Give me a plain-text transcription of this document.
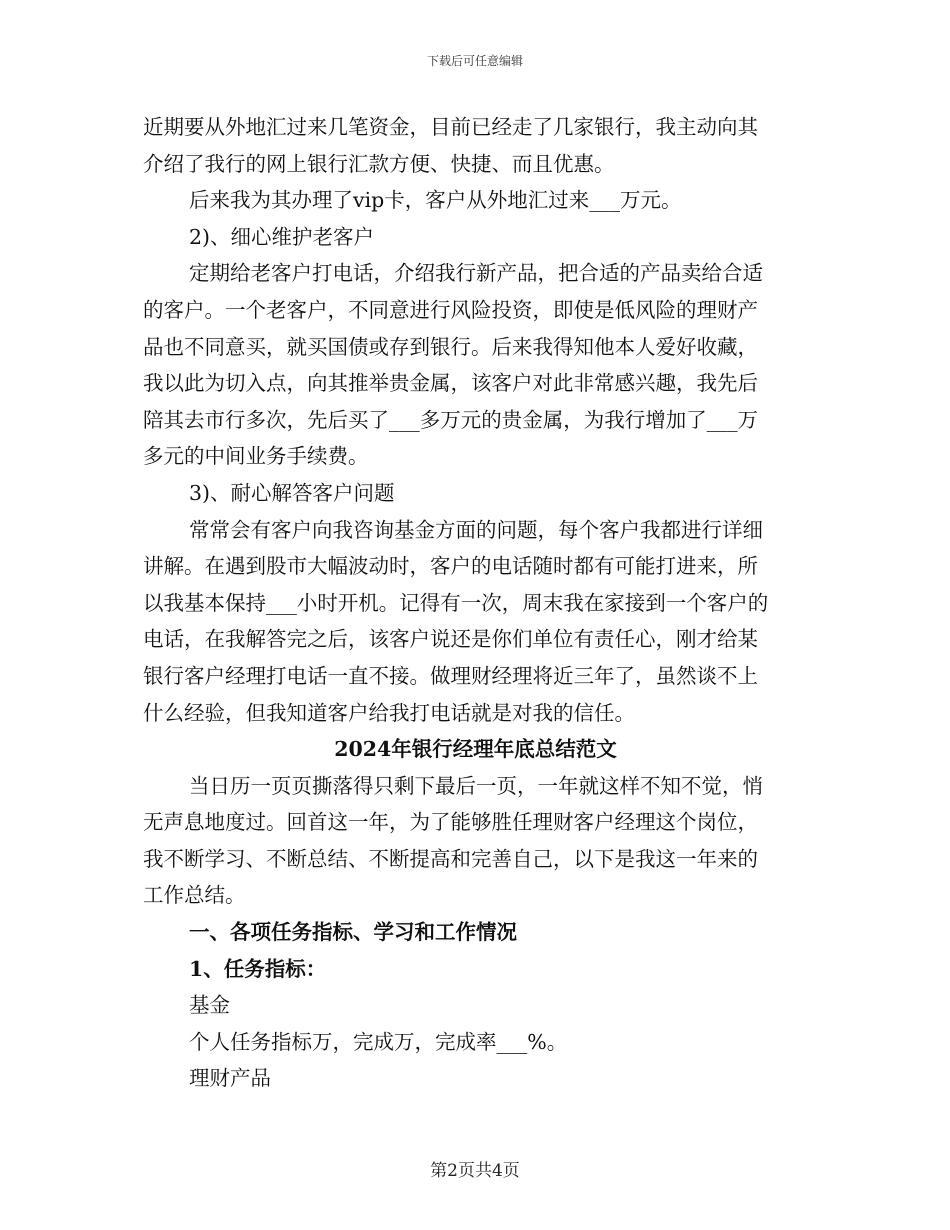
下载后可任意编辑
近期要从外地汇过来几笔资金，目前已经走了几家银行，我主动向其
介绍了我行的网上银行汇款方便、快捷、而且优惠。
后来我为其办理了vip卡，客户从外地汇过来___万元。
2)、细心维护老客户
定期给老客户打电话，介绍我行新产品，把合适的产品卖给合适
的客户。一个老客户，不同意进行风险投资，即使是低风险的理财产
品也不同意买，就买国债或存到银行。后来我得知他本人爱好收藏，
我以此为切入点，向其推举贵金属，该客户对此非常感兴趣，我先后
陪其去市行多次，先后买了___多万元的贵金属，为我行增加了___万
多元的中间业务手续费。
3)、耐心解答客户问题
常常会有客户向我咨询基金方面的问题，每个客户我都进行详细
讲解。在遇到股市大幅波动时，客户的电话随时都有可能打进来，所
以我基本保持___小时开机。记得有一次，周末我在家接到一个客户的
电话，在我解答完之后，该客户说还是你们单位有责任心，刚才给某
银行客户经理打电话一直不接。做理财经理将近三年了，虽然谈不上
什么经验，但我知道客户给我打电话就是对我的信任。
2024年银行经理年底总结范文
当日历一页页撕落得只剩下最后一页，一年就这样不知不觉，悄
无声息地度过。回首这一年，为了能够胜任理财客户经理这个岗位，
我不断学习、不断总结、不断提高和完善自己，以下是我这一年来的
工作总结。
一、各项任务指标、学习和工作情况
1、任务指标：
基金
个人任务指标万，完成万，完成率___%。
理财产品
第2页共4页
